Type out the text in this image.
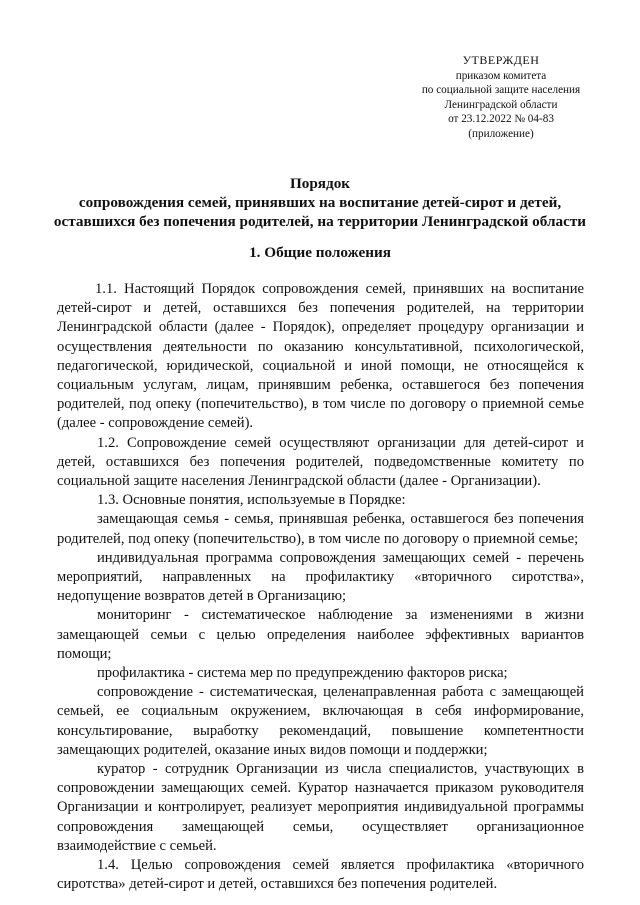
УТВЕРЖДЕН
приказом комитета
по социальной защите населения
Ленинградской области
от 23.12.2022 № 04-83
(приложение)
Порядок
сопровождения семей, принявших на воспитание детей-сирот и детей,
оставшихся без попечения родителей, на территории Ленинградской области
1. Общие положения

1.1. Настоящий Порядок сопровождения семей, принявших на воспитание детей-сирот и детей, оставшихся без попечения родителей, на территории Ленинградской области (далее - Порядок), определяет процедуру организации и осуществления деятельности по оказанию консультативной, психологической, педагогической, юридической, социальной и иной помощи, не относящейся к социальным услугам, лицам, принявшим ребенка, оставшегося без попечения родителей, под опеку (попечительство), в том числе по договору о приемной семье (далее - сопровождение семей).

1.2. Сопровождение семей осуществляют организации для детей-сирот и детей, оставшихся без попечения родителей, подведомственные комитету по социальной защите населения Ленинградской области (далее - Организации).

1.3. Основные понятия, используемые в Порядке:

замещающая семья - семья, принявшая ребенка, оставшегося без попечения родителей, под опеку (попечительство), в том числе по договору о приемной семье;

индивидуальная программа сопровождения замещающих семей - перечень мероприятий, направленных на профилактику «вторичного сиротства», недопущение возвратов детей в Организацию;

мониторинг - систематическое наблюдение за изменениями в жизни замещающей семьи с целью определения наиболее эффективных вариантов помощи;

профилактика - система мер по предупреждению факторов риска;

сопровождение - систематическая, целенаправленная работа с замещающей семьей, ее социальным окружением, включающая в себя информирование, консультирование, выработку рекомендаций, повышение компетентности замещающих родителей, оказание иных видов помощи и поддержки;

куратор - сотрудник Организации из числа специалистов, участвующих в сопровождении замещающих семей. Куратор назначается приказом руководителя Организации и контролирует, реализует мероприятия индивидуальной программы сопровождения замещающей семьи, осуществляет организационное взаимодействие с семьей.

1.4. Целью сопровождения семей является профилактика «вторичного сиротства» детей-сирот и детей, оставшихся без попечения родителей.
